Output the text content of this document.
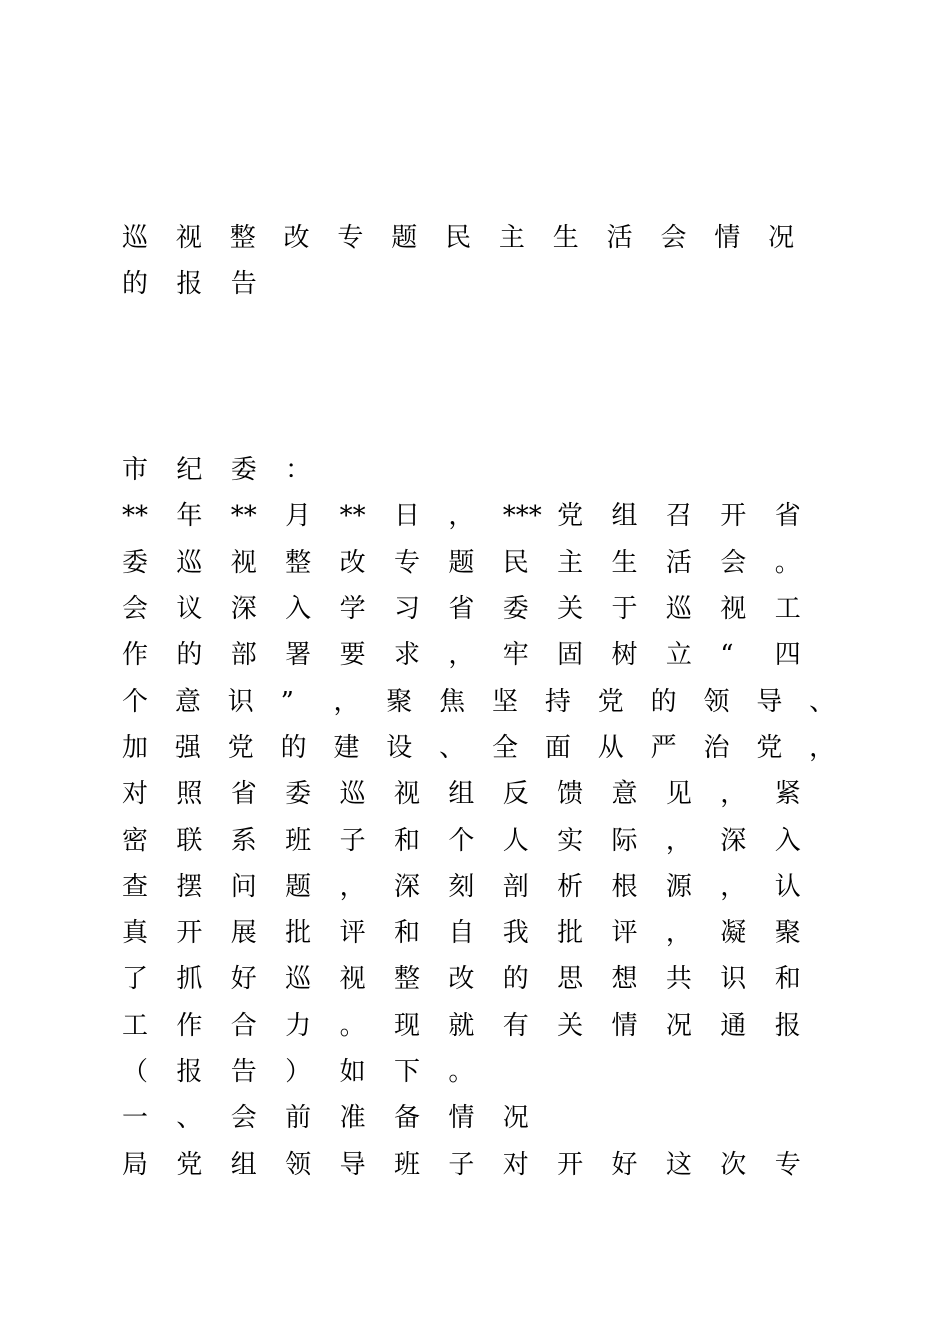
巡	视	整	改	专	题	民	主	生	活	会	情	况
的	报	告
市	纪	委	：
**	年	**	月	**	日	，	*** 党	组	召	开	省
委	巡	视	整	改	专	题	民	主	生	活	会	。
会	议	深	入	学	习	省	委	关	于	巡	视	工
作	的	部	署	要	求	，	牢	固	树	立	“	四
个	意	识	”	，	聚	焦	坚	持	党	的	领	导	、
加	强	党	的	建	设	、	全	面	从	严	治	党	，
对	照	省	委	巡	视	组	反	馈	意	见	，	紧
密	联	系	班	子	和	个	人	实	际	，	深	入
查	摆	问	题	，	深	刻	剖	析	根	源	，	认
真	开	展	批	评	和	自	我	批	评	，	凝	聚
了	抓	好	巡	视	整	改	的	思	想	共	识	和
工	作	合	力	。	现	就	有	关	情	况	通	报
（	报	告	）	如	下	。
一	、	会	前	准	备	情	况
局	党	组	领	导	班	子	对	开	好	这	次	专
